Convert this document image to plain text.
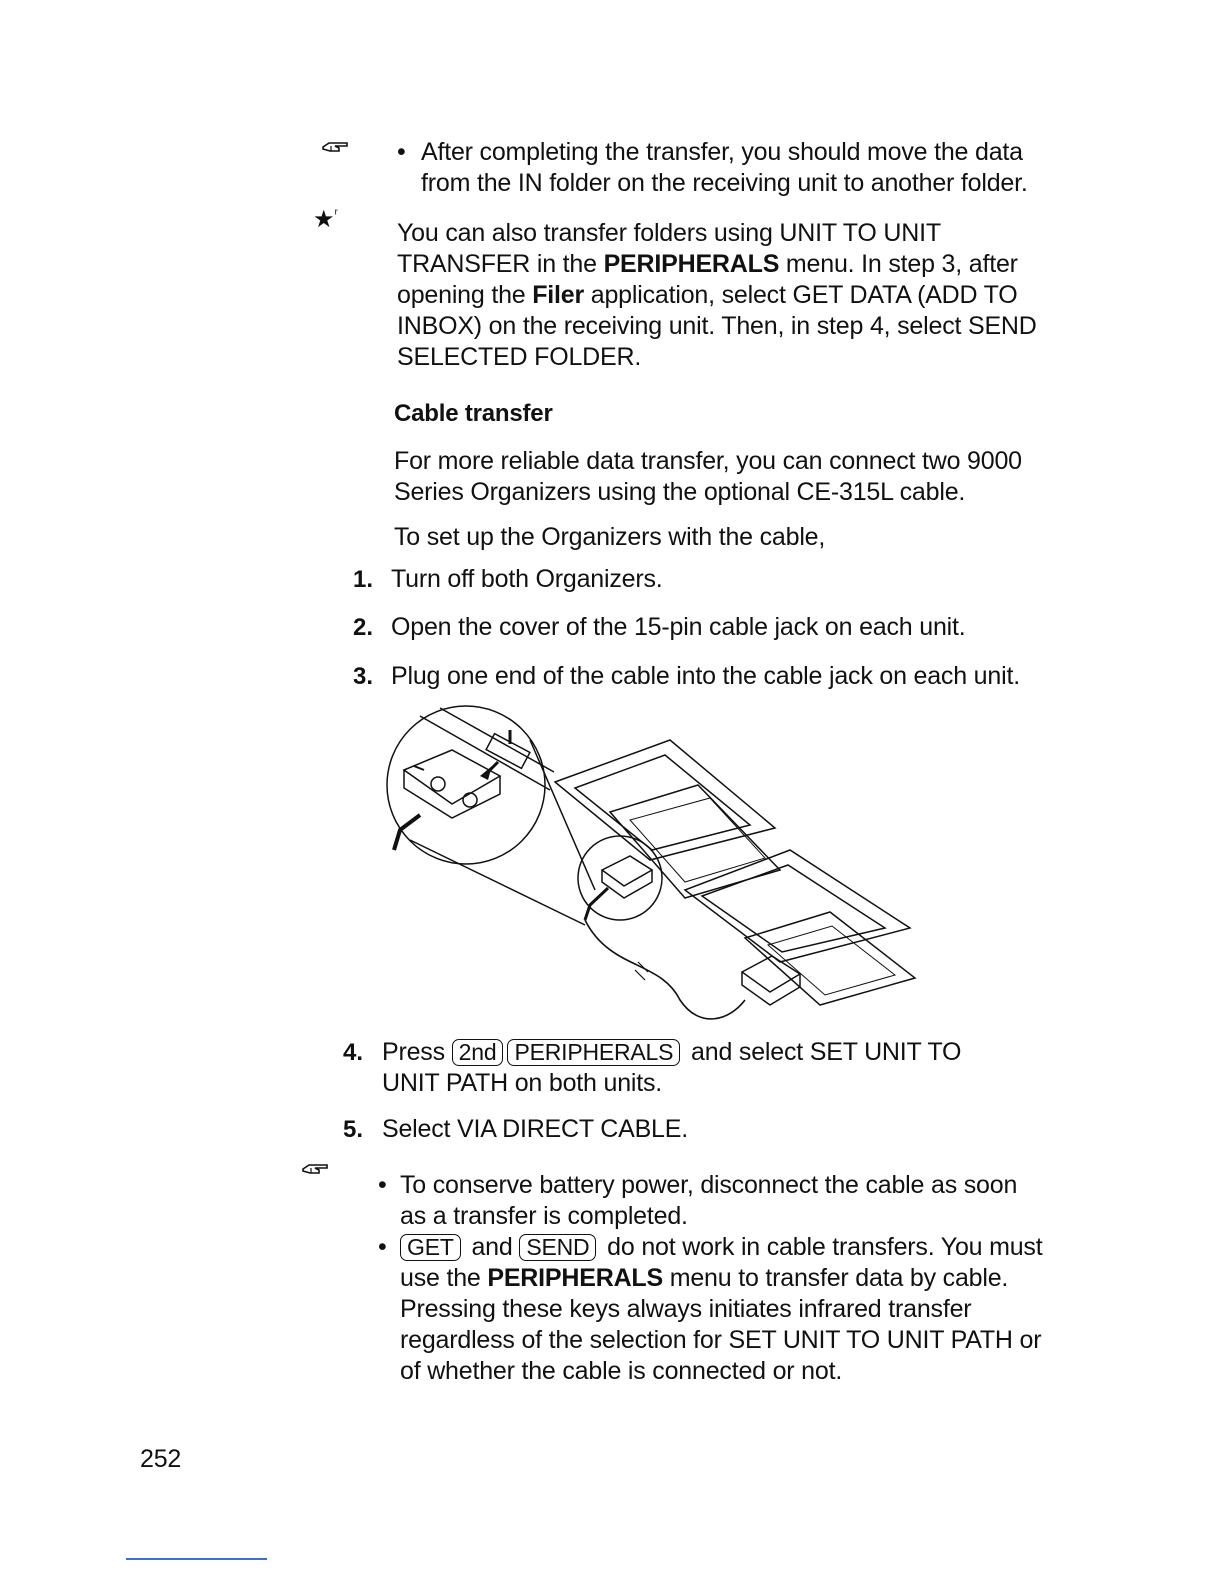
• After completing the transfer, you should move the data from the IN folder on the receiving unit to another folder.
★$^ʳ$
You can also transfer folders using UNIT TO UNIT TRANSFER in the PERIPHERALS menu. In step 3, after opening the Filer application, select GET DATA (ADD TO INBOX) on the receiving unit. Then, in step 4, select SEND SELECTED FOLDER.
Cable transfer
For more reliable data transfer, you can connect two 9000 Series Organizers using the optional CE-315L cable.
To set up the Organizers with the cable,
1. Turn off both Organizers.
2. Open the cover of the 15-pin cable jack on each unit.
3. Plug one end of the cable into the cable jack on each unit.
4. Press 2nd PERIPHERALS and select SET UNIT TO UNIT PATH on both units.
5. Select VIA DIRECT CABLE.
• To conserve battery power, disconnect the cable as soon as a transfer is completed.
• GET and SEND do not work in cable transfers. You must use the PERIPHERALS menu to transfer data by cable. Pressing these keys always initiates infrared transfer regardless of the selection for SET UNIT TO UNIT PATH or of whether the cable is connected or not.
252
